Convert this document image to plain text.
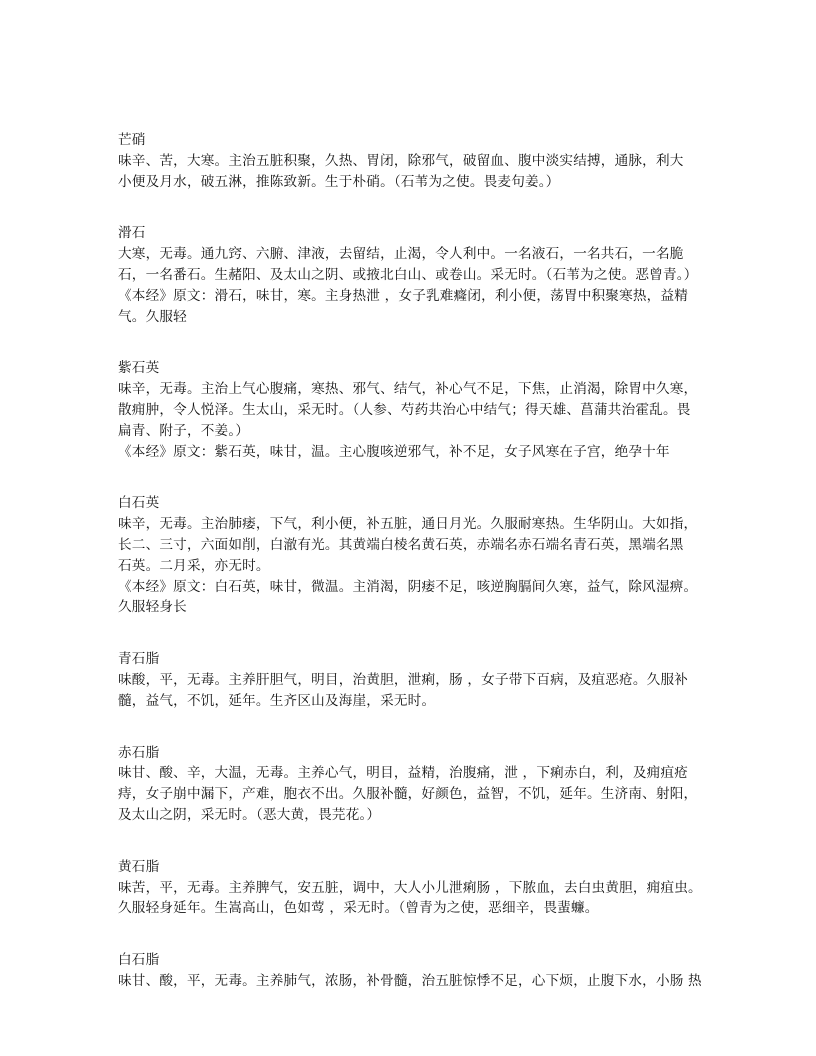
芒硝
味辛、苦，大寒。主治五脏积聚，久热、胃闭，除邪气，破留血、腹中淡实结搏，通脉，利大
小便及月水，破五淋，推陈致新。生于朴硝。（石苇为之使。畏麦句姜。）
滑石
大寒，无毒。通九窍、六腑、津液，去留结，止渴，令人利中。一名液石，一名共石，一名脆
石，一名番石。生赭阳、及太山之阴、或掖北白山、或卷山。采无时。（石苇为之使。恶曾青。）
《本经》原文：滑石，味甘，寒。主身热泄 ，女子乳难癃闭，利小便，荡胃中积聚寒热，益精
气。久服轻
紫石英
味辛，无毒。主治上气心腹痛，寒热、邪气、结气，补心气不足，下焦，止消渴，除胃中久寒，
散痈肿，令人悦泽。生太山，采无时。（人参、芍药共治心中结气；得天雄、菖蒲共治霍乱。畏
扁青、附子，不姜。）
《本经》原文：紫石英，味甘，温。主心腹咳逆邪气，补不足，女子风寒在子宫，绝孕十年
白石英
味辛，无毒。主治肺痿，下气，利小便，补五脏，通日月光。久服耐寒热。生华阴山。大如指，
长二、三寸，六面如削，白澈有光。其黄端白棱名黄石英，赤端名赤石端名青石英，黑端名黑
石英。二月采，亦无时。
《本经》原文：白石英，味甘，微温。主消渴，阴痿不足，咳逆胸膈间久寒，益气，除风湿痹。
久服轻身长
青石脂
味酸，平，无毒。主养肝胆气，明目，治黄胆，泄痢，肠 ，女子带下百病，及疽恶疮。久服补
髓，益气，不饥，延年。生齐区山及海崖，采无时。
赤石脂
味甘、酸、辛，大温，无毒。主养心气，明目，益精，治腹痛，泄 ，下痢赤白，利，及痈疽疮
痔，女子崩中漏下，产难，胞衣不出。久服补髓，好颜色，益智，不饥，延年。生济南、射阳，
及太山之阴，采无时。（恶大黄，畏芫花。）
黄石脂
味苦，平，无毒。主养脾气，安五脏，调中，大人小儿泄痢肠 ，下脓血，去白虫黄胆，痈疽虫。
久服轻身延年。生嵩高山，色如莺 ，采无时。（曾青为之使，恶细辛，畏蜚蠊。
白石脂
味甘、酸，平，无毒。主养肺气，浓肠，补骨髓，治五脏惊悸不足，心下烦，止腹下水，小肠 热
